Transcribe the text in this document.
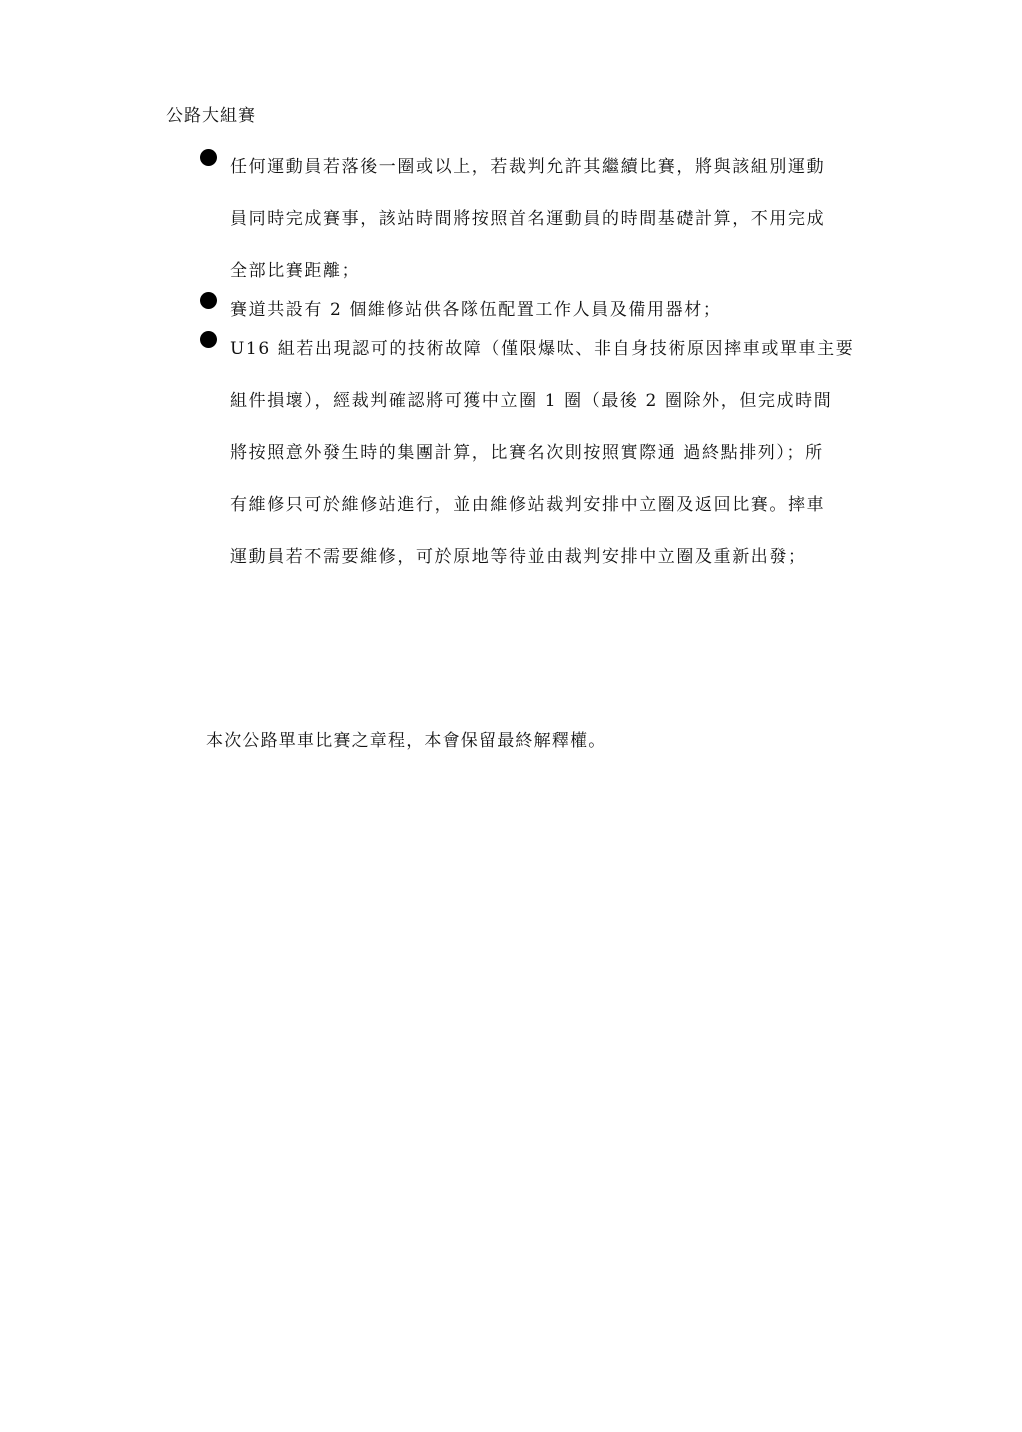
公路大組賽
任何運動員若落後一圈或以上，若裁判允許其繼續比賽，將與該組別運動
員同時完成賽事，該站時間將按照首名運動員的時間基礎計算，不用完成
全部比賽距離；
賽道共設有 2 個維修站供各隊伍配置工作人員及備用器材；
U16 組若出現認可的技術故障（僅限爆呔、非自身技術原因摔車或單車主要
組件損壞），經裁判確認將可獲中立圈 1 圈（最後 2 圈除外，但完成時間
將按照意外發生時的集團計算，比賽名次則按照實際通 過終點排列）；所
有維修只可於維修站進行，並由維修站裁判安排中立圈及返回比賽。摔車
運動員若不需要維修，可於原地等待並由裁判安排中立圈及重新出發；
本次公路單車比賽之章程，本會保留最終解釋權。
